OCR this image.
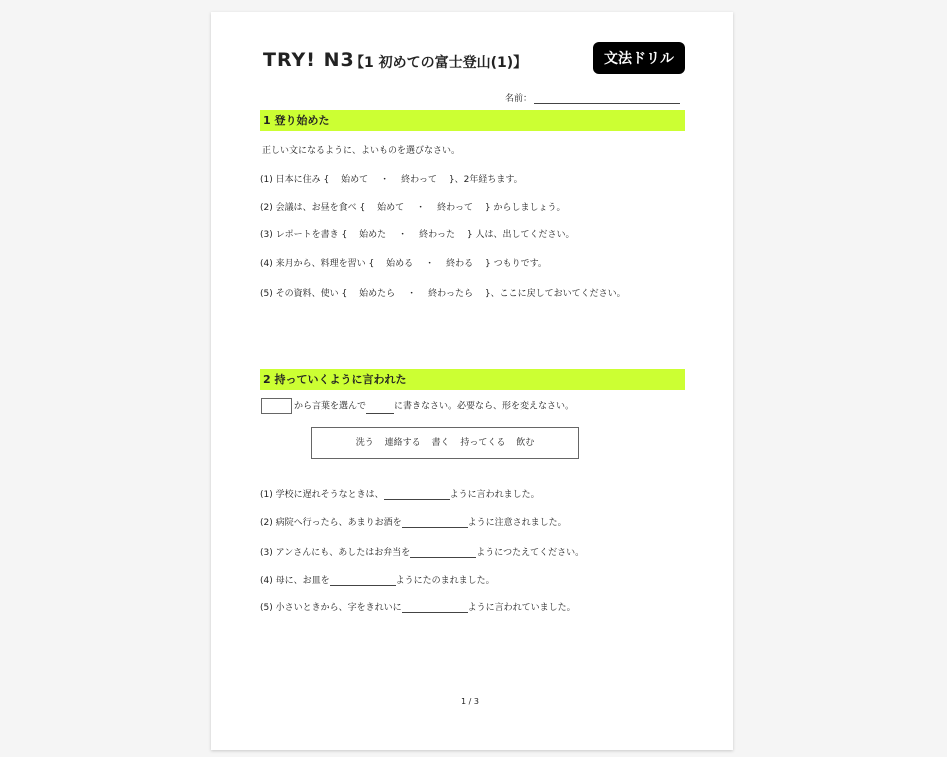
TRY! N3
【1 初めての富士登山(1)】	文法ドリル
名前：
1 登り始めた
正しい文になるように、よいものを選びなさい。
(1) 日本に住み { 始めて ・ 終わって }、2年経ちます。
(2) 会議は、お昼を食べ { 始めて ・ 終わって } からしましょう。
(3) レポートを書き { 始めた ・ 終わった } 人は、出してください。
(4) 来月から、料理を習い { 始める ・ 終わる } つもりです。
(5) その資料、使い { 始めたら ・ 終わったら }、ここに戻しておいてください。
2 持っていくように言われた
から言葉を選んで	に書きなさい。必要なら、形を変えなさい。
洗う 連絡する 書く 持ってくる 飲む
(1) 学校に遅れそうなときは、	ように言われました。
(2) 病院へ行ったら、あまりお酒を	ように注意されました。
(3) アンさんにも、あしたはお弁当を	ようにつたえてください。
(4) 母に、お皿を	ようにたのまれました。
(5) 小さいときから、字をきれいに	ように言われていました。
1 / 3
